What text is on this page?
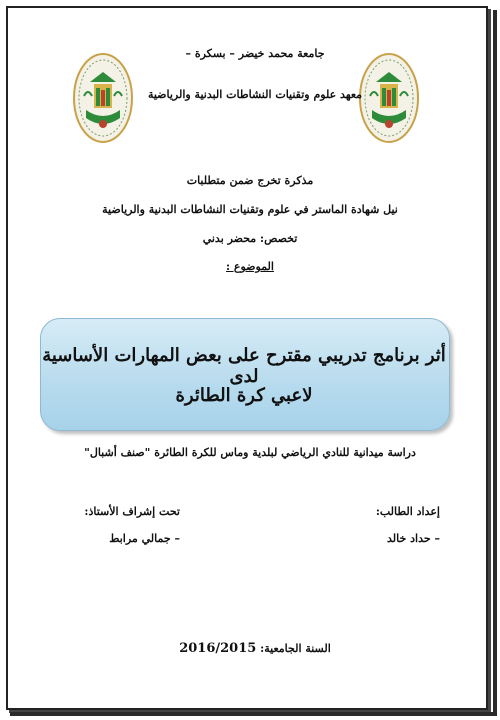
جامعة محمد خيضر – بسكرة –
معهد علوم وتقنيات النشاطات البدنية والرياضية
مذكرة تخرج ضمن متطلبات
نيل شهادة الماستر في علوم وتقنيات النشاطات البدنية والرياضية
تخصص: محضر بدني
الموضوع :
أثر برنامج تدريبي مقترح على بعض المهارات الأساسية لدى
لاعبي كرة الطائرة
دراسة ميدانية للنادي الرياضي لبلدية وماس للكرة الطائرة "صنف أشبال"
إعداد الطالب:
– حداد خالد
تحت إشراف الأستاذ:
– جمالي مرابط
السنة الجامعية: 2016/2015
